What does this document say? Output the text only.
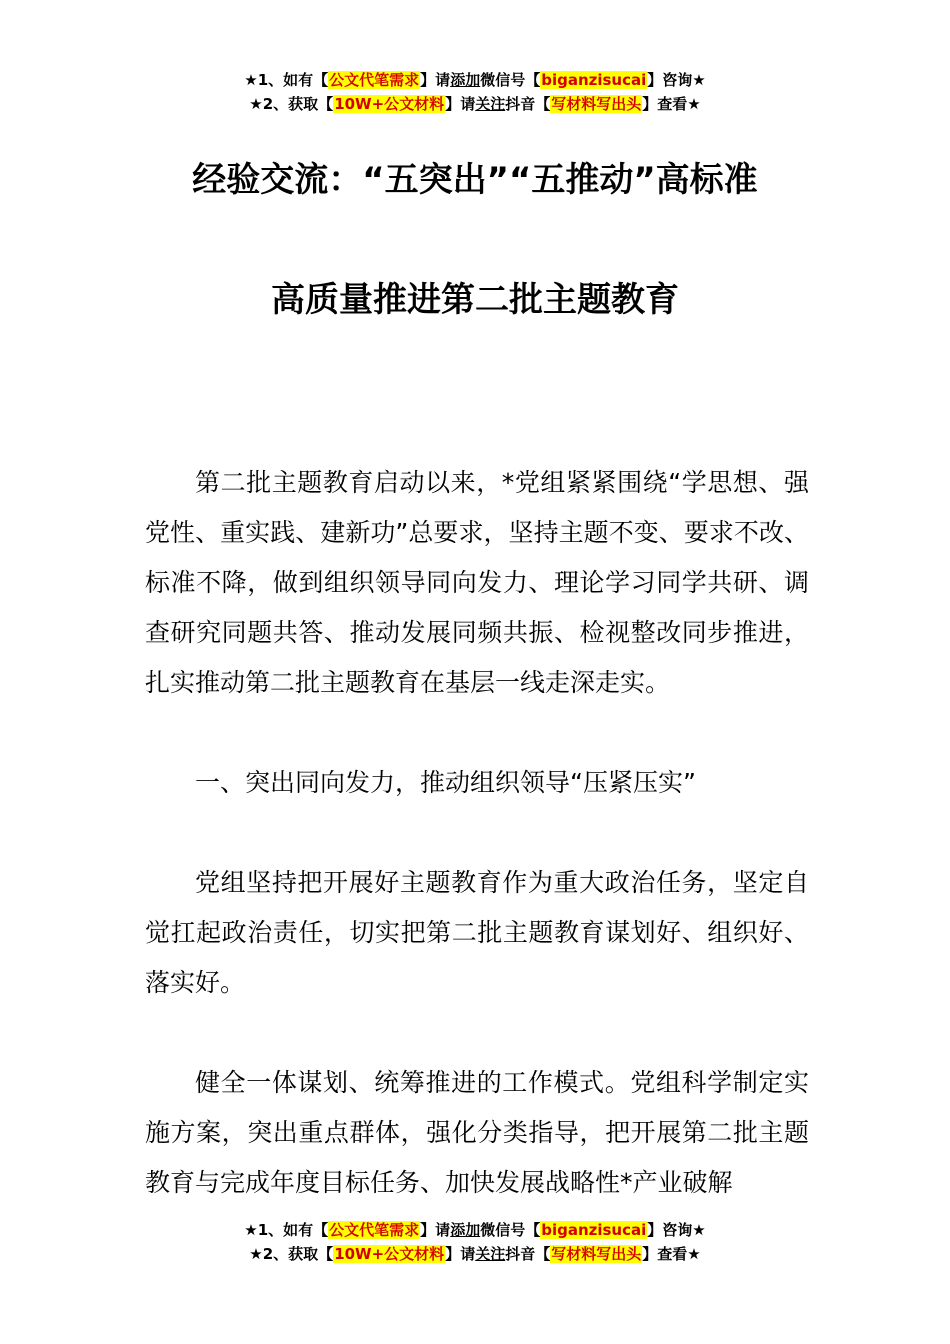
★1、如有【公文代笔需求】请添加微信号【biganzisucai】咨询★
★2、获取【10W+公文材料】请关注抖音【写材料写出头】查看★
经验交流：“五突出”“五推动”高标准
高质量推进第二批主题教育
第二批主题教育启动以来，*党组紧紧围绕“学思想、强党性、重实践、建新功”总要求，坚持主题不变、要求不改、标准不降，做到组织领导同向发力、理论学习同学共研、调查研究同题共答、推动发展同频共振、检视整改同步推进，扎实推动第二批主题教育在基层一线走深走实。
一、突出同向发力，推动组织领导“压紧压实”
党组坚持把开展好主题教育作为重大政治任务，坚定自觉扛起政治责任，切实把第二批主题教育谋划好、组织好、落实好。
健全一体谋划、统筹推进的工作模式。党组科学制定实施方案，突出重点群体，强化分类指导，把开展第二批主题教育与完成年度目标任务、加快发展战略性*产业破解
★1、如有【公文代笔需求】请添加微信号【biganzisucai】咨询★
★2、获取【10W+公文材料】请关注抖音【写材料写出头】查看★
